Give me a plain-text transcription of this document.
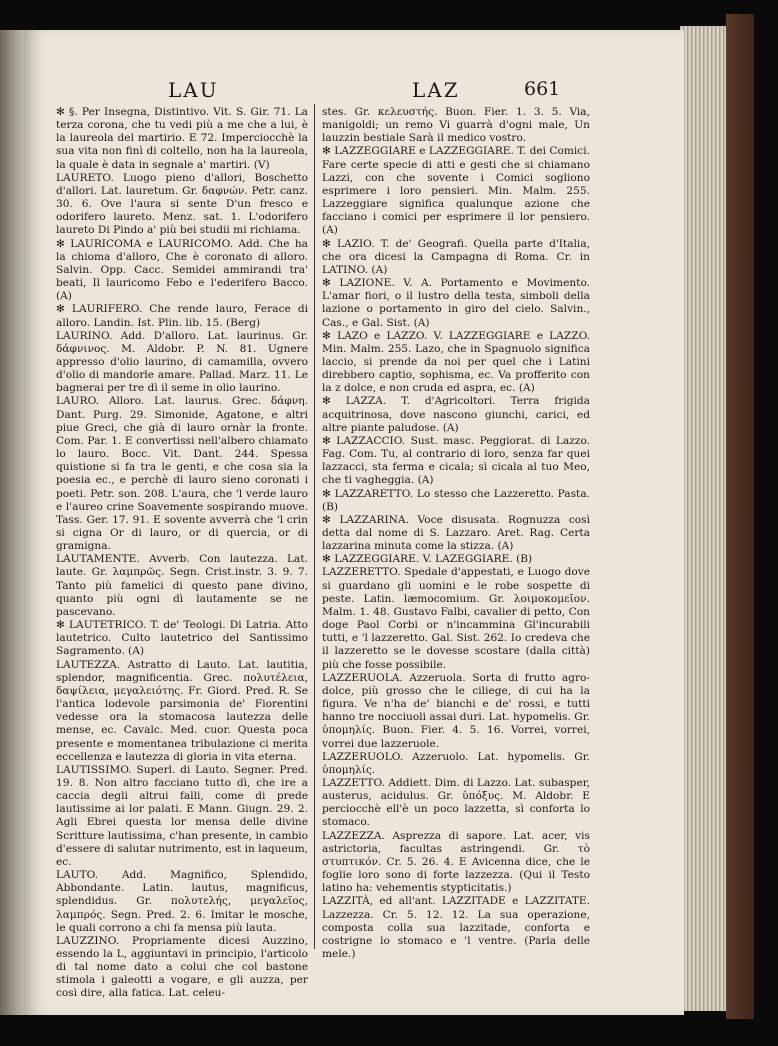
LAU	LAZ	661

✻ §. Per Insegna, Distintivo. Vit. S. Gir. 71. La terza corona, che tu vedi più a me che a lui, è la laureola del martirio. E 72. Imperciocchè la sua vita non finì di coltello, non ha la laureola, la quale è data in segnale a' martiri. (V)

LAURETO. Luogo pieno d'allori, Boschetto d'allori. Lat. lauretum. Gr. δαφνών. Petr. canz. 30. 6. Ove l'aura si sente D'un fresco e odorifero laureto. Menz. sat. 1. L'odorifero laureto Di Pindo a' più bei studii mi richiama.

✻ LAURICOMA e LAURICOMO. Add. Che ha la chioma d'alloro, Che è coronato di alloro. Salvin. Opp. Cacc. Semidei ammirandi tra' beati, Il lauricomo Febo e l'ederifero Bacco. (A)

✻ LAURIFERO. Che rende lauro, Ferace di alloro. Landin. Ist. Plin. lib. 15. (Berg)

LAURINO. Add. D'alloro. Lat. laurinus. Gr. δάφνινος. M. Aldobr. P. N. 81. Ugnere appresso d'olio laurino, di camamilla, ovvero d'olio di mandorle amare. Pallad. Marz. 11. Le bagnerai per tre dì il seme in olio laurino.

LAURO. Alloro. Lat. laurus. Grec. δάφνη. Dant. Purg. 29. Simonide, Agatone, e altri piue Greci, che già di lauro ornàr la fronte. Com. Par. 1. E convertissi nell'albero chiamato lo lauro. Bocc. Vit. Dant. 244. Spessa quistione si fa tra le genti, e che cosa sia la poesia ec., e perchè di lauro sieno coronati i poeti. Petr. son. 208. L'aura, che 'l verde lauro e l'aureo crine Soavemente sospirando muove. Tass. Ger. 17. 91. E sovente avverrà che 'l crin si cigna Or di lauro, or di quercia, or di gramigna.

LAUTAMENTE. Avverb. Con lautezza. Lat. laute. Gr. λαμπρῶς. Segn. Crist.instr. 3. 9. 7. Tanto più famelici di questo pane divino, quanto più ogni dì lautamente se ne pascevano.

✻ LAUTETRICO. T. de' Teologi. Di Latria. Atto lautetrico. Culto lautetrico del Santissimo Sagramento. (A)

LAUTEZZA. Astratto di Lauto. Lat. lautitia, splendor, magnificentia. Grec. πολυτέλεια, δαψίλεια, μεγαλειότης. Fr. Giord. Pred. R. Se l'antica lodevole parsimonia de' Fiorentini vedesse ora la stomacosa lautezza delle mense, ec. Cavalc. Med. cuor. Questa poca presente e momentanea tribulazione ci merita eccellenza e lautezza di gloria in vita eterna.

LAUTISSIMO. Superl. di Lauto. Segner. Pred. 19. 8. Non altro facciano tutto dì, che ire a caccia degli altrui falli, come di prede lautissime ai lor palati. E Mann. Giugn. 29. 2. Agli Ebrei questa lor mensa delle divine Scritture lautissima, c'han presente, in cambio d'essere di salutar nutrimento, est in laqueum, ec.

LAUTO. Add. Magnifico, Splendido, Abbondante. Latin. lautus, magnificus, splendidus. Gr. πολυτελής, μεγαλεῖος, λαμπρός. Segn. Pred. 2. 6. Imitar le mosche, le quali corrono a chi fa mensa più lauta.

LAUZZINO. Propriamente dicesi Auzzino, essendo la L, aggiuntavi in principio, l'articolo di tal nome dato a colui che col bastone stimola i galeotti a vogare, e gli auzza, per così dire, alla fatica. Lat. celeu-

stes. Gr. κελευστής. Buon. Fier. 1. 3. 5. Via, manigoldi; un remo Vi guarrà d'ogni male, Un lauzzin bestiale Sarà il medico vostro.

✻ LAZZEGGIARE e LAZZEGGIARE. T. dei Comici. Fare certe specie di atti e gesti che si chiamano Lazzi, con che sovente i Comici sogliono esprimere i loro pensieri. Min. Malm. 255. Lazzeggiare significa qualunque azione che facciano i comici per esprimere il lor pensiero. (A)

✻ LAZIO. T. de' Geografi. Quella parte d'Italia, che ora dicesi la Campagna di Roma. Cr. in LATINO. (A)

✻ LAZIONE. V. A. Portamento e Movimento. L'amar fiori, o il lustro della testa, simboli della lazione o portamento in giro del cielo. Salvin., Cas., e Gal. Sist. (A)

✻ LAZO e LAZZO. V. LAZZEGGIARE e LAZZO. Min. Malm. 255. Lazo, che in Spagnuolo significa laccio, si prende da noi per quel che i Latini direbbero captio, sophisma, ec. Va profferito con la z dolce, e non cruda ed aspra, ec. (A)

✻ LAZZA. T. d'Agricoltori. Terra frigida acquitrinosa, dove nascono giunchi, carici, ed altre piante paludose. (A)

✻ LAZZACCIO. Sust. masc. Peggiorat. di Lazzo. Fag. Com. Tu, al contrario di loro, senza far quei lazzacci, sta ferma e cicala; sì cicala al tuo Meo, che ti vagheggia. (A)

✻ LAZZARETTO. Lo stesso che Lazzeretto. Pasta. (B)

✻ LAZZARINA. Voce disusata. Rognuzza così detta dal nome di S. Lazzaro. Aret. Rag. Certa lazzarina minuta come la stizza. (A)

✻ LAZZEGGIARE. V. LAZEGGIARE. (B)

LAZZERETTO. Spedale d'appestati, e Luogo dove si guardano gli uomini e le robe sospette di peste. Latin. læmocomium. Gr. λοιμοκομεῖον. Malm. 1. 48. Gustavo Falbi, cavalier di petto, Con doge Paol Corbi or n'incammina Gl'incurabili tutti, e 'l lazzeretto. Gal. Sist. 262. Io credeva che il lazzeretto se le dovesse scostare (dalla città) più che fosse possibile.

LAZZERUOLA. Azzeruola. Sorta di frutto agro-dolce, più grosso che le ciliege, di cui ha la figura. Ve n'ha de' bianchi e de' rossi, e tutti hanno tre nocciuoli assai duri. Lat. hypomelis. Gr. ὑπομηλίς. Buon. Fier. 4. 5. 16. Vorrei, vorrei, vorrei due lazzeruole.

LAZZERUOLO. Azzeruolo. Lat. hypomelis. Gr. ὑπομηλίς.

LAZZETTO. Addiett. Dim. di Lazzo. Lat. subasper, austerus, acidulus. Gr. ὑπόξυς. M. Aldobr. E perciocchè ell'è un poco lazzetta, sì conforta lo stomaco.

LAZZEZZA. Asprezza di sapore. Lat. acer, vis astrictoria, facultas astringendi. Gr. τὸ στυπτικόν. Cr. 5. 26. 4. E Avicenna dice, che le foglie loro sono di forte lazzezza. (Qui il Testo latino ha: vehementis stypticitatis.)

LAZZITÀ, ed all'ant. LAZZITADE e LAZZITATE. Lazzezza. Cr. 5. 12. 12. La sua operazione, composta colla sua lazzitade, conforta e costrigne lo stomaco e 'l ventre. (Parla delle mele.)
